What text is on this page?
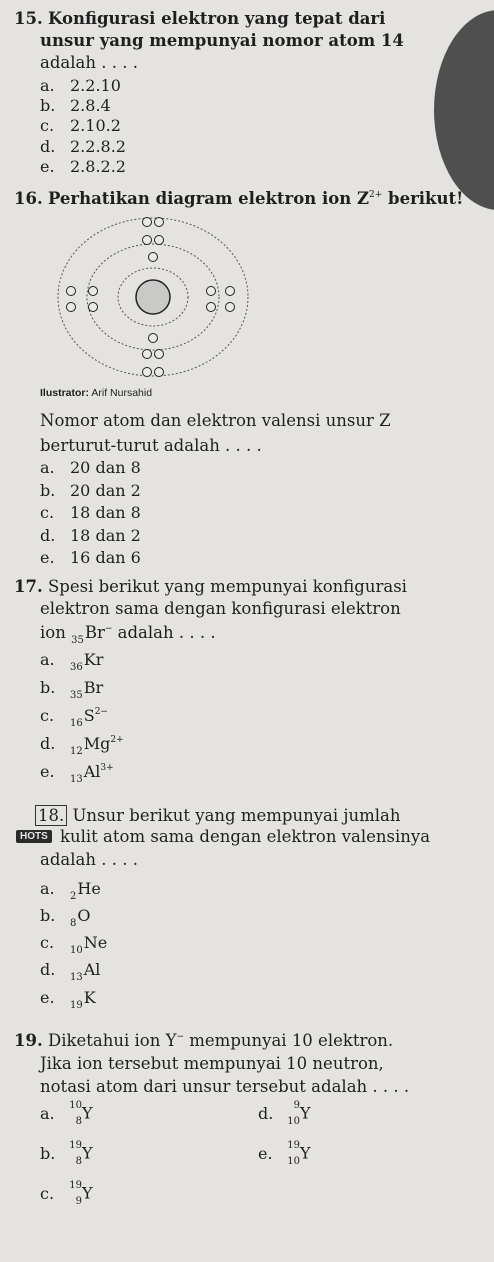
15. Konfigurasi elektron yang tepat dari
unsur yang mempunyai nomor atom 14
adalah . . . .
a. 2.2.10
b. 2.8.4
c. 2.10.2
d. 2.2.8.2
e. 2.8.2.2
16. Perhatikan diagram elektron ion $Z^{2+}$ berikut!
Ilustrator: Arif Nursahid
Nomor atom dan elektron valensi unsur Z
berturut-turut adalah . . . .
a. 20 dan 8
b. 20 dan 2
c. 18 dan 8
d. 18 dan 2
e. 16 dan 6
17. Spesi berikut yang mempunyai konfigurasi
elektron sama dengan konfigurasi elektron
ion $_{35}$Br− adalah . . . .
a. $_{36}$Kr
b. $_{35}$Br
c. $_{16}S^{2-}$
d. $_{12}Mg^{2+}$
e. $_{13}Al^{3+}$
18. Unsur berikut yang mempunyai jumlah
HOTS kulit atom sama dengan elektron valensinya
adalah . . . .
a. $_2$He
b. $_8$O
c. $_{10}$Ne
d. $_{13}$Al
e. $_{19}$K
19. Diketahui ion Y− mempunyai 10 elektron.
Jika ion tersebut mempunyai 10 neutron,
notasi atom dari unsur tersebut adalah . . . .
a. 10
8 Y	d. 9
10 Y
b. 19
8 Y	e. 19
10 Y
c. 19
9 Y
